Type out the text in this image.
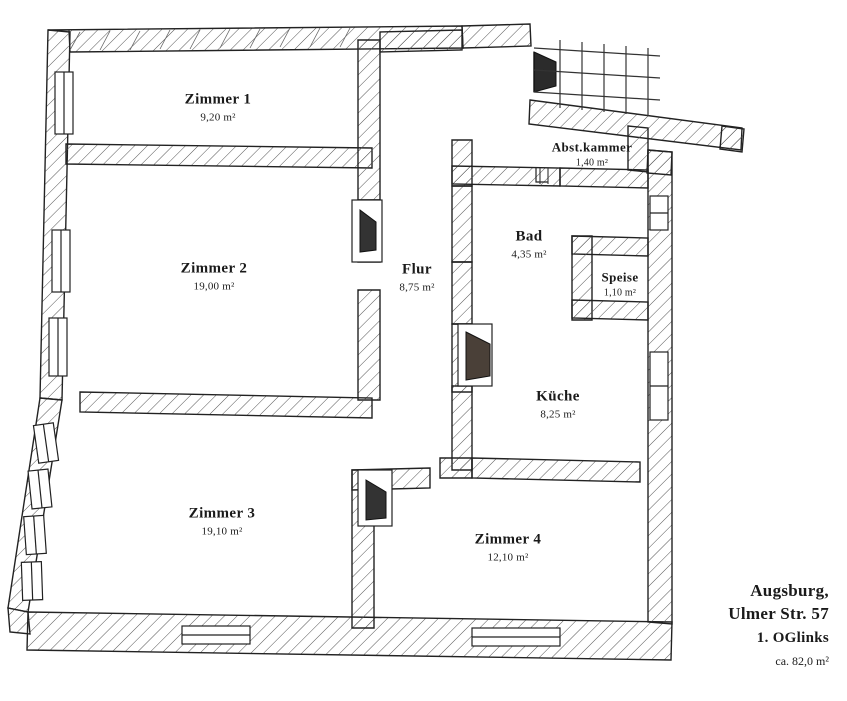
Zimmer 1
9,20 m²
Zimmer 2
19,00 m²
Zimmer 3
19,10 m²
Zimmer 4
12,10 m²
Flur
8,75 m²
Bad
4,35 m²
Küche
8,25 m²
Abst.kammer
1,40 m²
Speise
1,10 m²
Augsburg,
Ulmer Str. 57
1. OGlinks
ca. 82,0 m²
